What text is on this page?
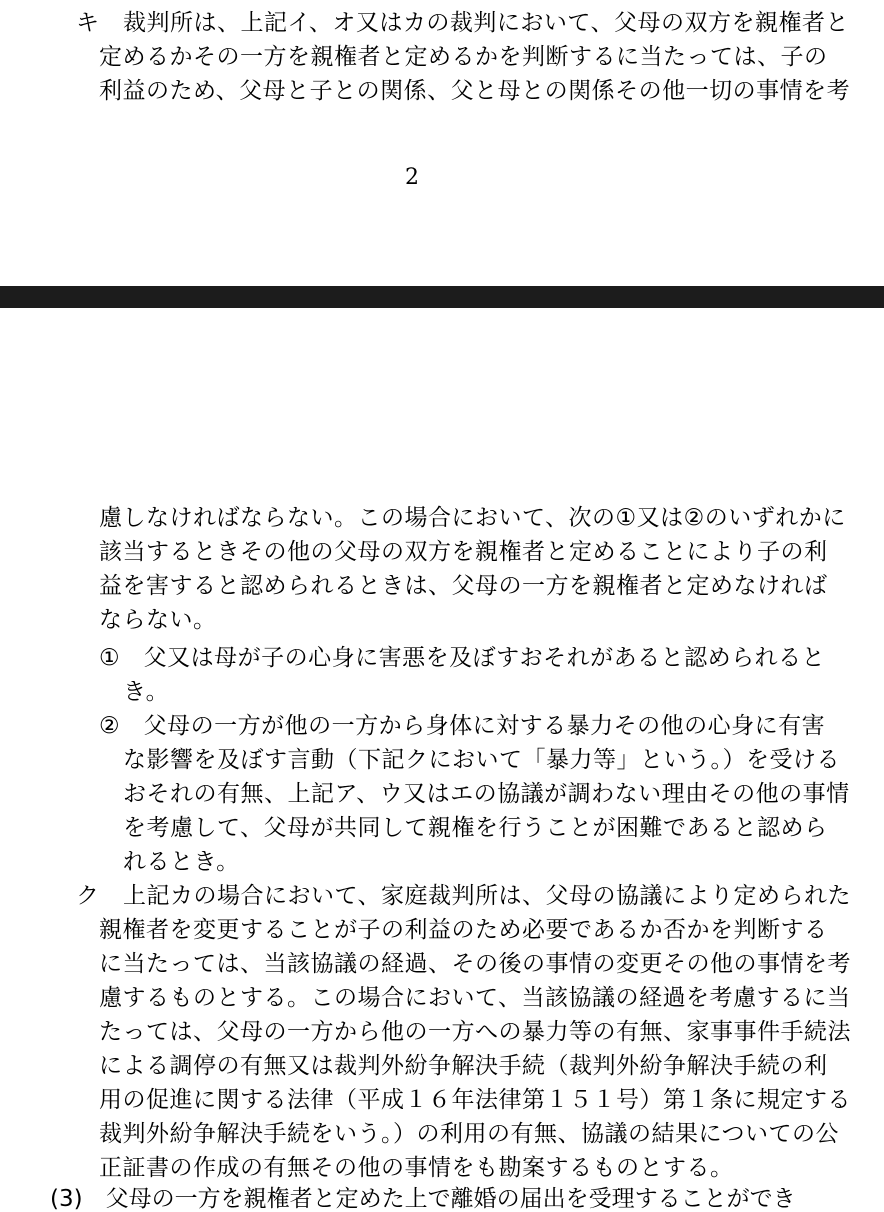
キ　裁判所は、上記イ、オ又はカの裁判において、父母の双方を親権者と
定めるかその一方を親権者と定めるかを判断するに当たっては、子の
利益のため、父母と子との関係、父と母との関係その他一切の事情を考
2
慮しなければならない。この場合において、次の①又は②のいずれかに
該当するときその他の父母の双方を親権者と定めることにより子の利
益を害すると認められるときは、父母の一方を親権者と定めなければ
ならない。
①　父又は母が子の心身に害悪を及ぼすおそれがあると認められると
き。
②　父母の一方が他の一方から身体に対する暴力その他の心身に有害
な影響を及ぼす言動（下記クにおいて「暴力等」という。）を受ける
おそれの有無、上記ア、ウ又はエの協議が調わない理由その他の事情
を考慮して、父母が共同して親権を行うことが困難であると認めら
れるとき。
ク　上記カの場合において、家庭裁判所は、父母の協議により定められた
親権者を変更することが子の利益のため必要であるか否かを判断する
に当たっては、当該協議の経過、その後の事情の変更その他の事情を考
慮するものとする。この場合において、当該協議の経過を考慮するに当
たっては、父母の一方から他の一方への暴力等の有無、家事事件手続法
による調停の有無又は裁判外紛争解決手続（裁判外紛争解決手続の利
用の促進に関する法律（平成１６年法律第１５１号）第１条に規定する
裁判外紛争解決手続をいう。）の利用の有無、協議の結果についての公
正証書の作成の有無その他の事情をも勘案するものとする。
(3)　父母の一方を親権者と定めた上で離婚の届出を受理することができ
